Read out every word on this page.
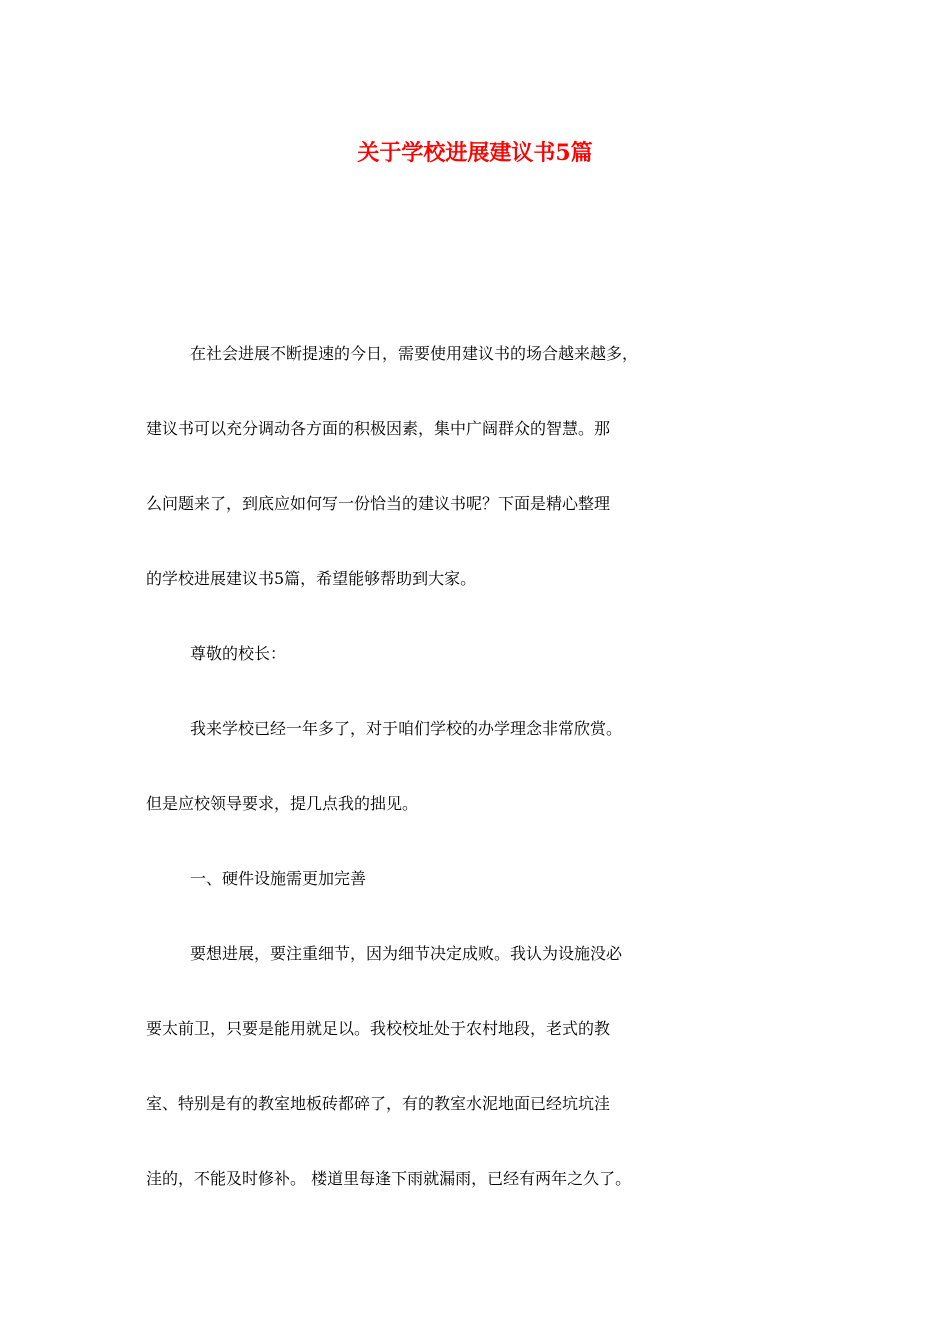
关于学校进展建议书5篇
在社会进展不断提速的今日，需要使用建议书的场合越来越多，
建议书可以充分调动各方面的积极因素，集中广阔群众的智慧。那
么问题来了，到底应如何写一份恰当的建议书呢？下面是精心整理
的学校进展建议书5篇，希望能够帮助到大家。
尊敬的校长：
我来学校已经一年多了，对于咱们学校的办学理念非常欣赏。
但是应校领导要求，提几点我的拙见。
一、硬件设施需更加完善
要想进展，要注重细节，因为细节决定成败。我认为设施没必
要太前卫，只要是能用就足以。我校校址处于农村地段，老式的教
室、特别是有的教室地板砖都碎了，有的教室水泥地面已经坑坑洼
洼的，不能及时修补。 楼道里每逢下雨就漏雨，已经有两年之久了。
